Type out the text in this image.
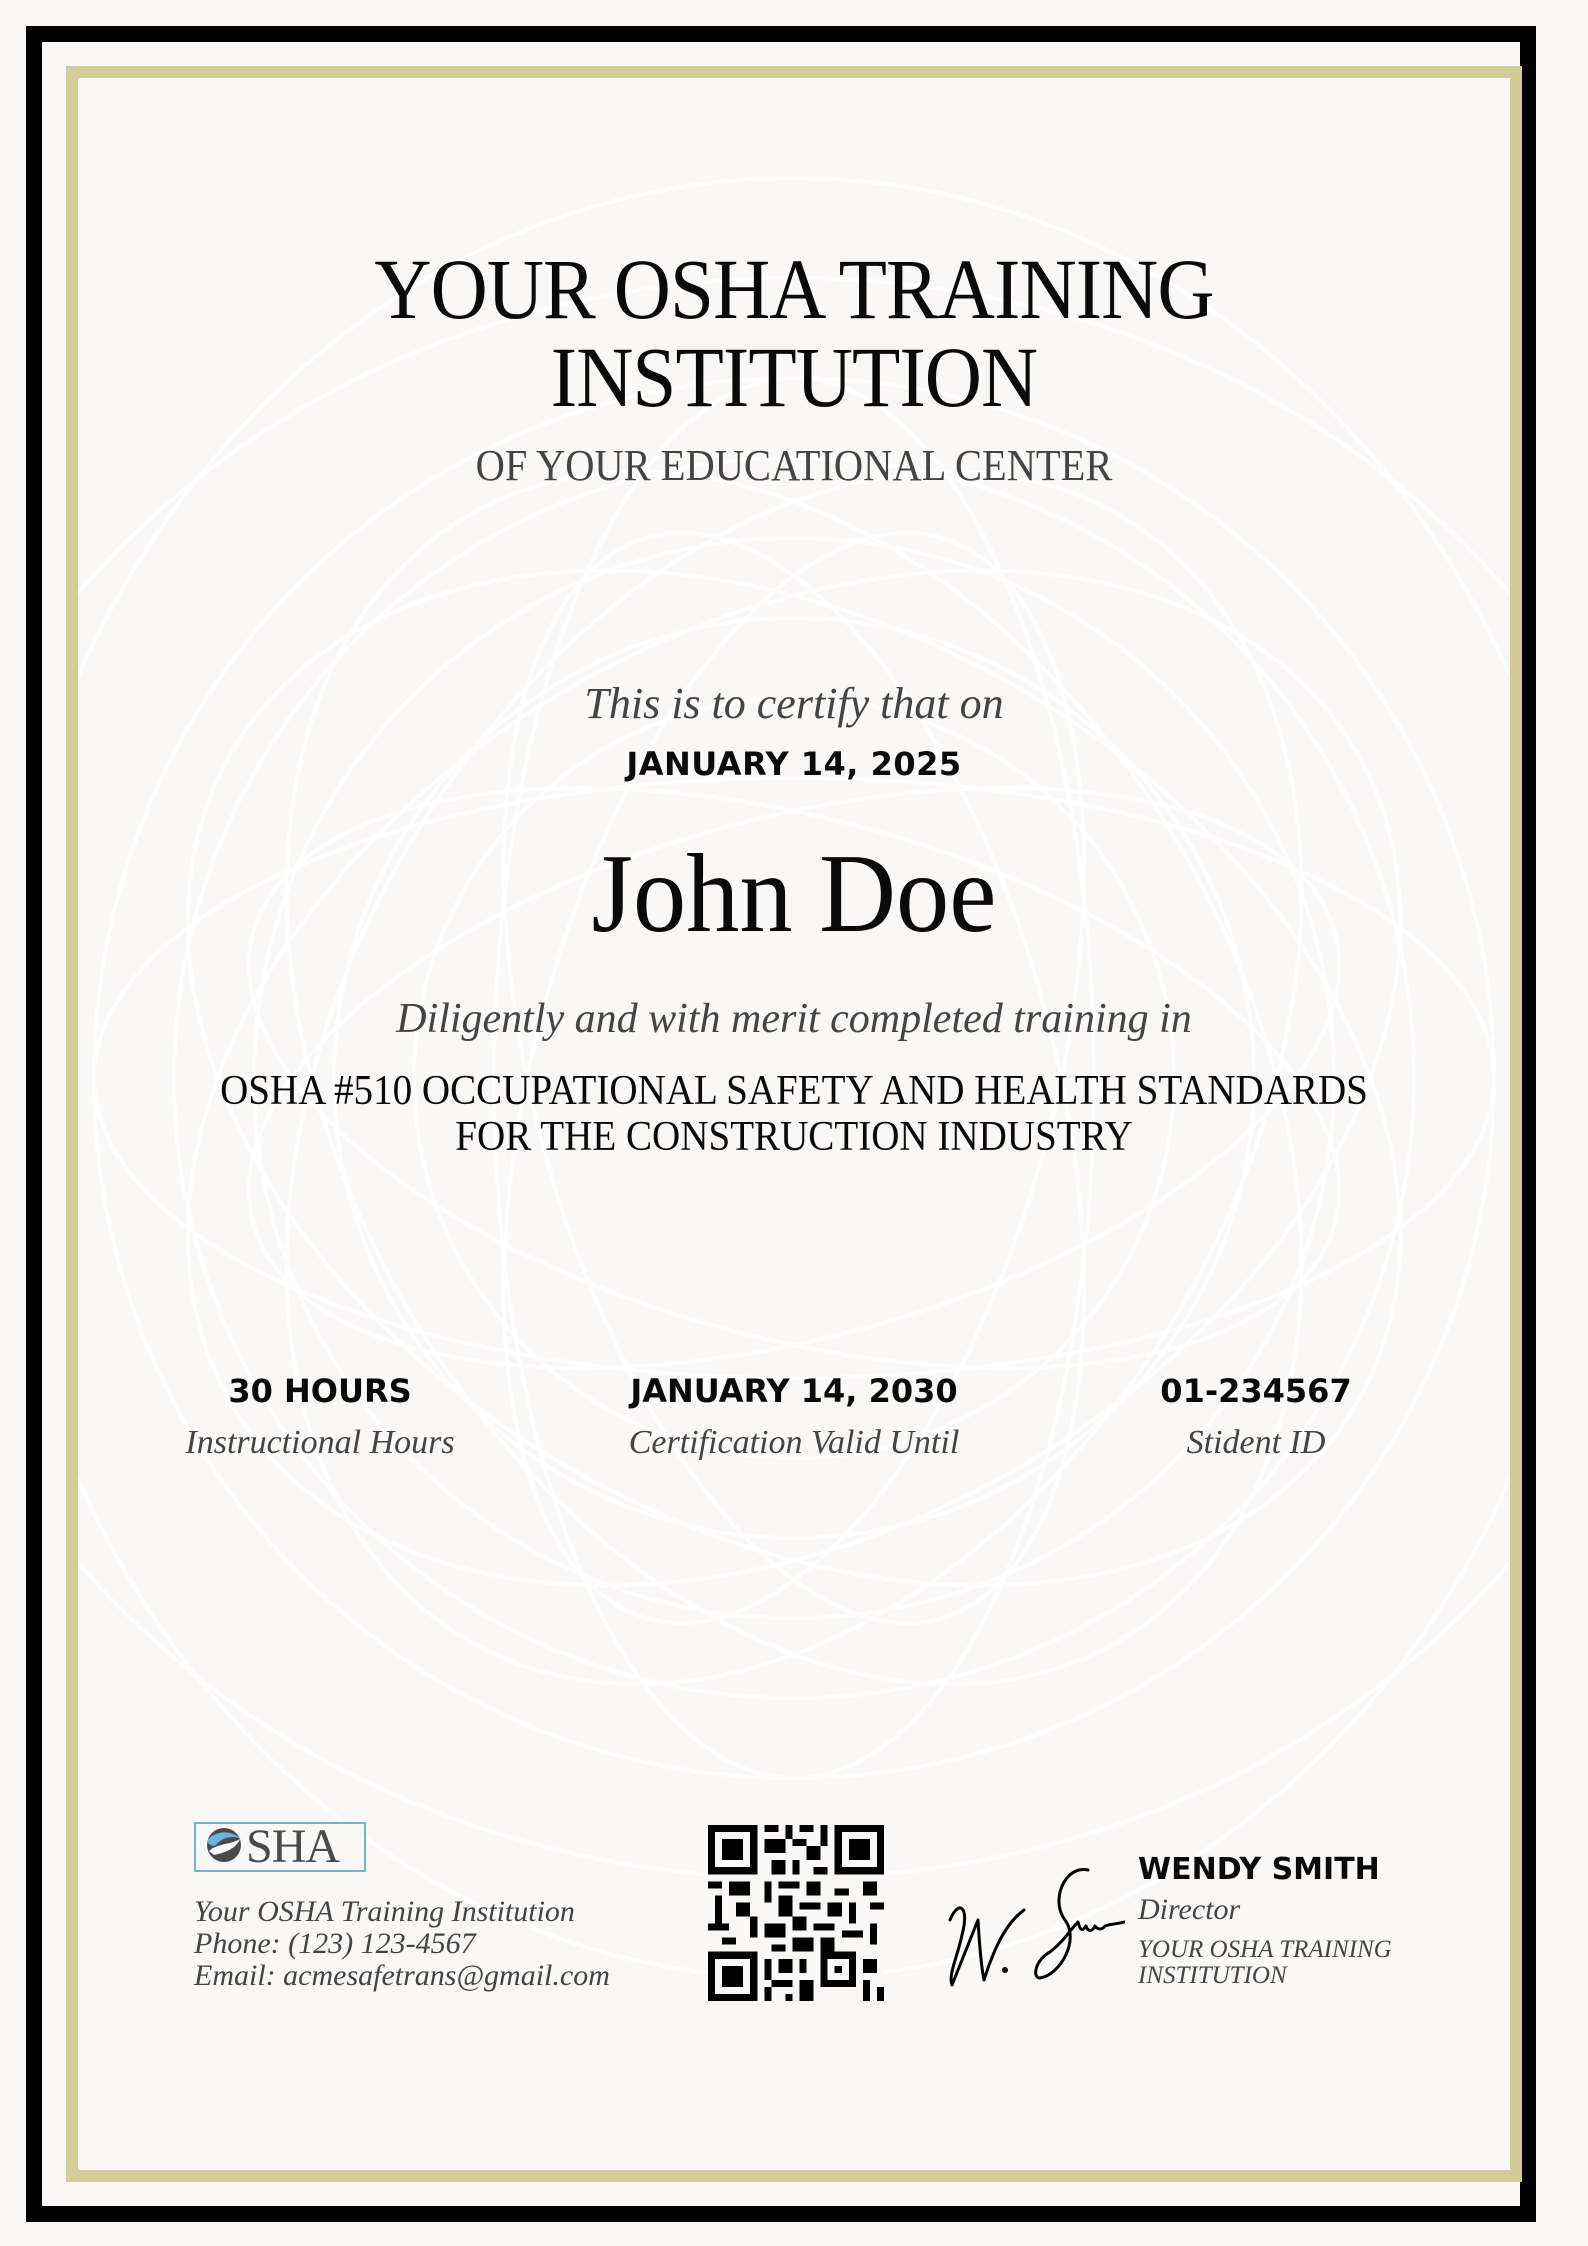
YOUR OSHA TRAINING
INSTITUTION
OF YOUR EDUCATIONAL CENTER
This is to certify that on
JANUARY 14, 2025
John Doe
Diligently and with merit completed training in
OSHA #510 OCCUPATIONAL SAFETY AND HEALTH STANDARDS
FOR THE CONSTRUCTION INDUSTRY
30 HOURS
Instructional Hours
JANUARY 14, 2030
Certification Valid Until
01-234567
Stident ID
SHA
Your OSHA Training Institution
Phone: (123) 123-4567
Email: acmesafetrans@gmail.com
WENDY SMITH
Director
YOUR OSHA TRAINING
INSTITUTION
